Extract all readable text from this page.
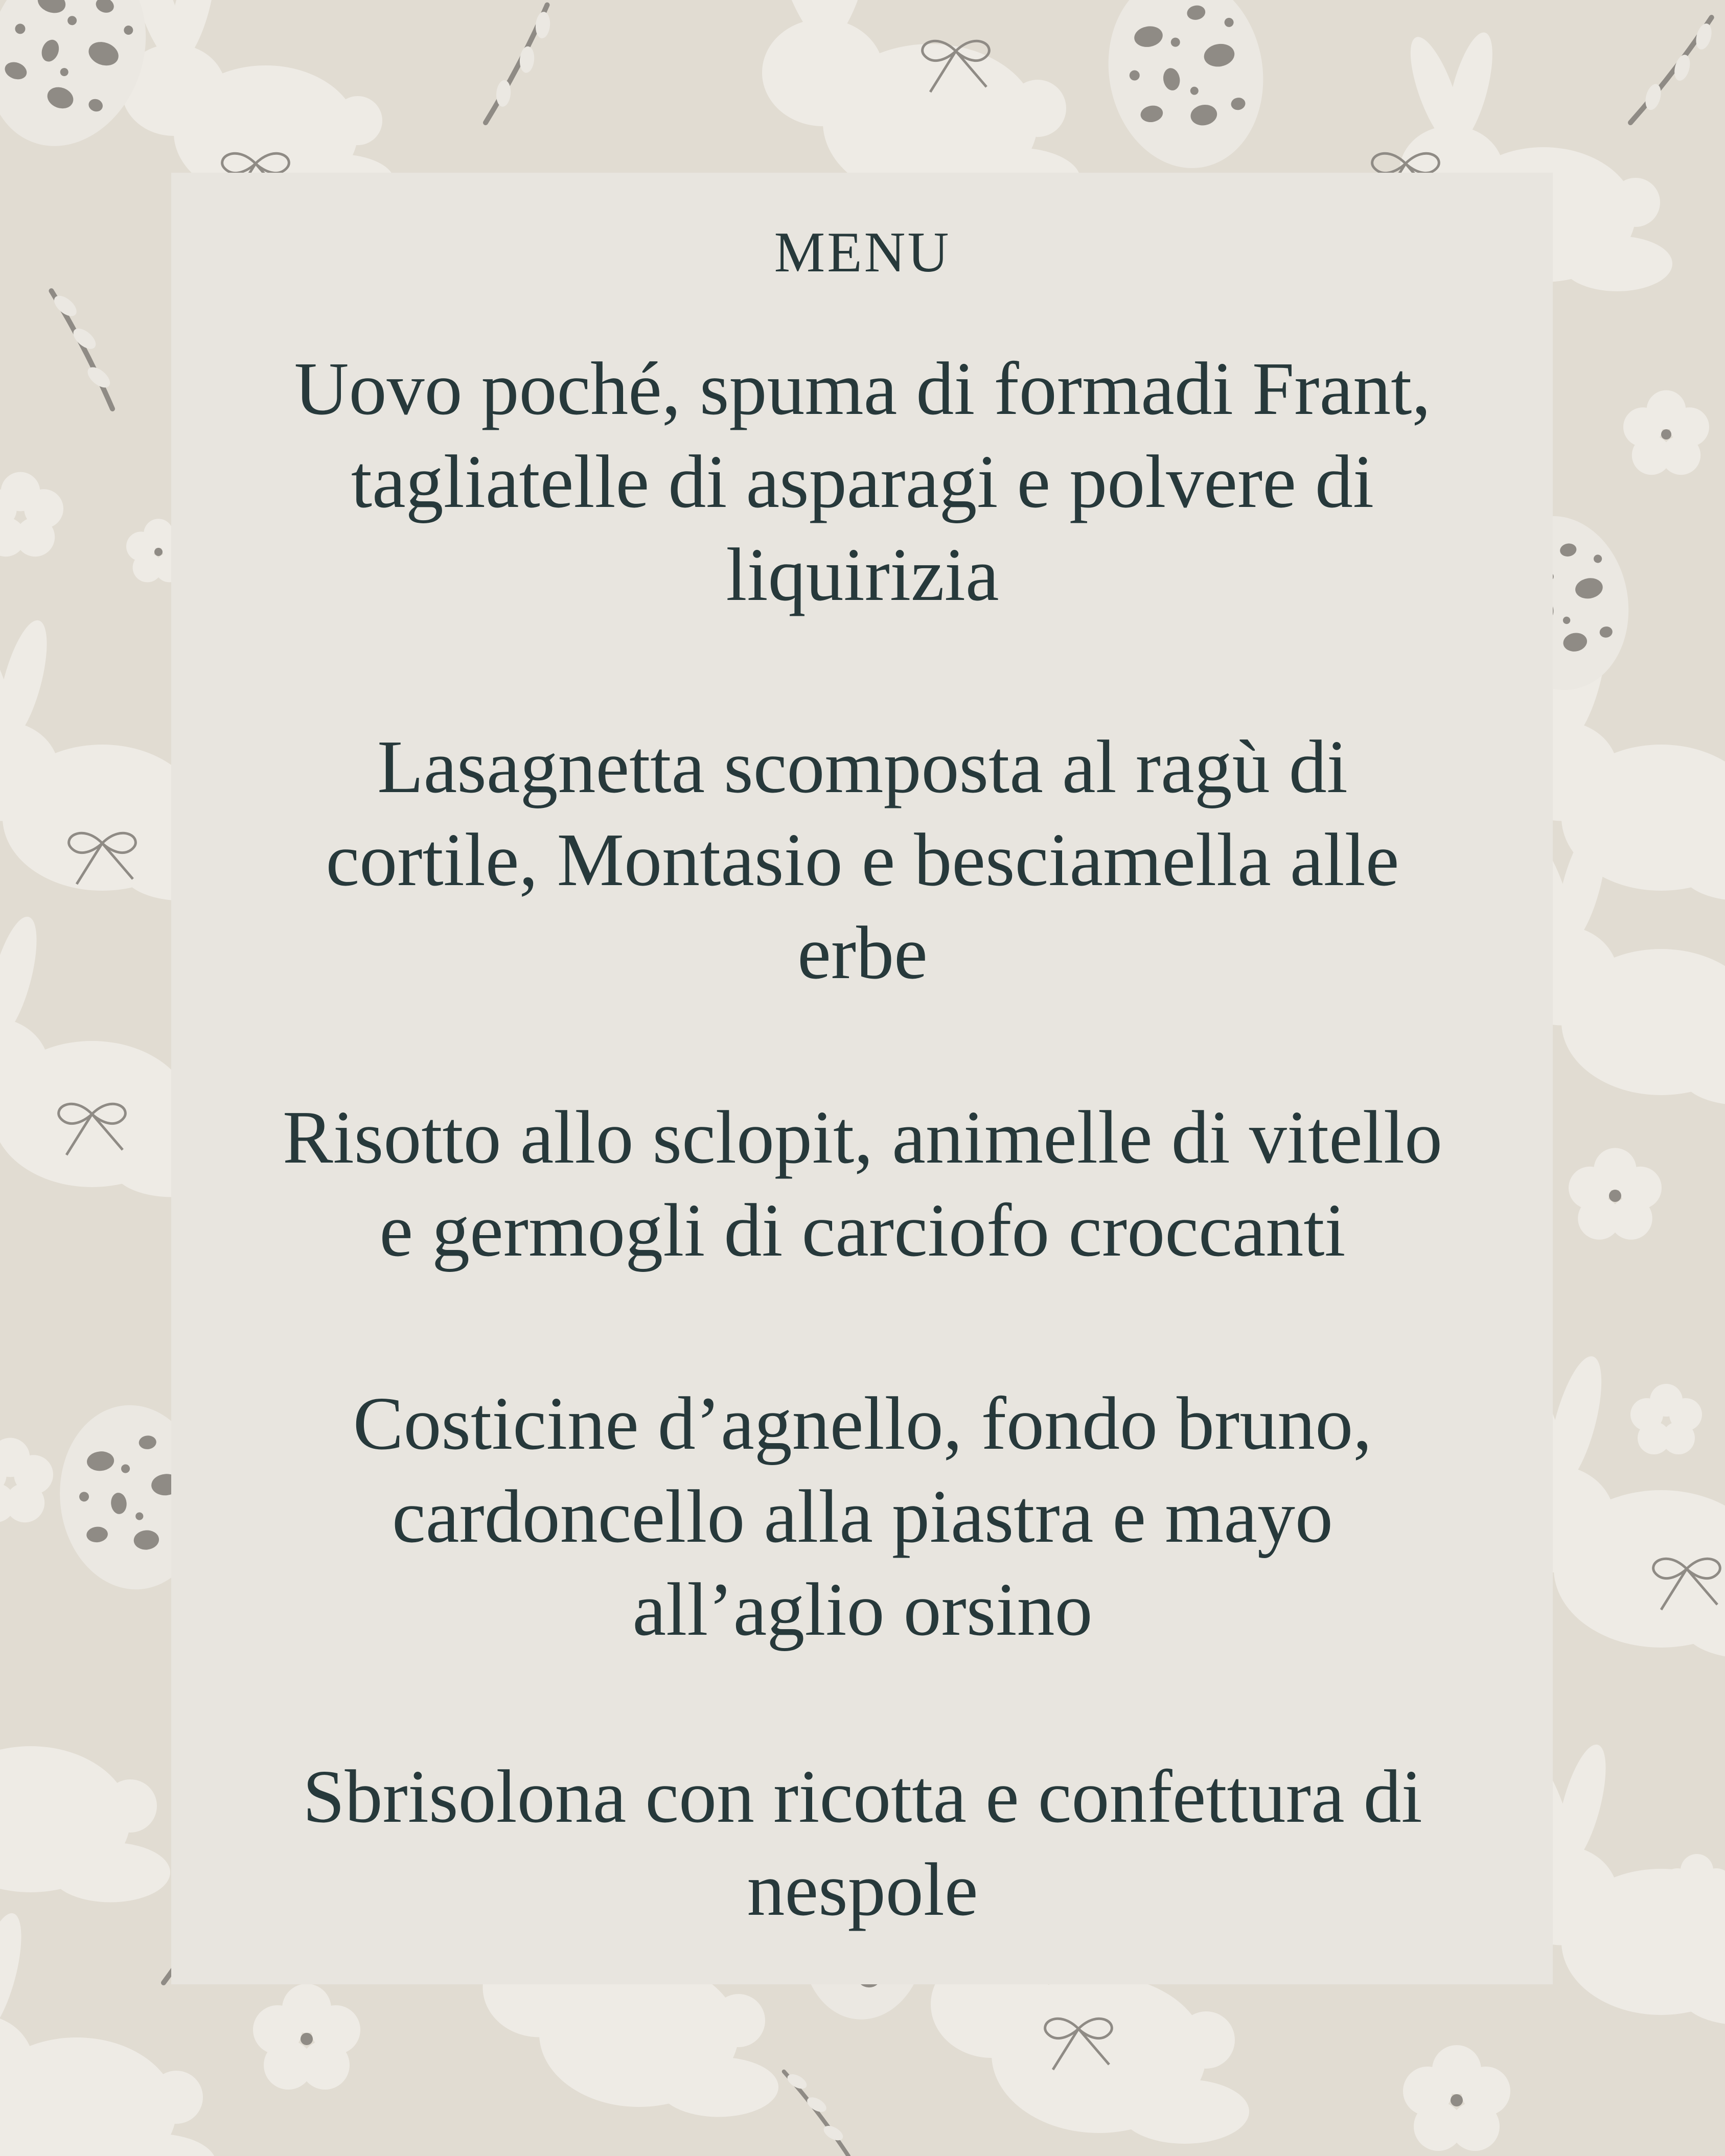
MENU

Uovo poché, spuma di formadi Frant, tagliatelle di asparagi e polvere di liquirizia

Lasagnetta scomposta al ragù di cortile, Montasio e besciamella alle erbe

Risotto allo sclopit, animelle di vitello e germogli di carciofo croccanti

Costicine d’agnello, fondo bruno, cardoncello alla piastra e mayo all’aglio orsino

Sbrisolona con ricotta e confettura di nespole
